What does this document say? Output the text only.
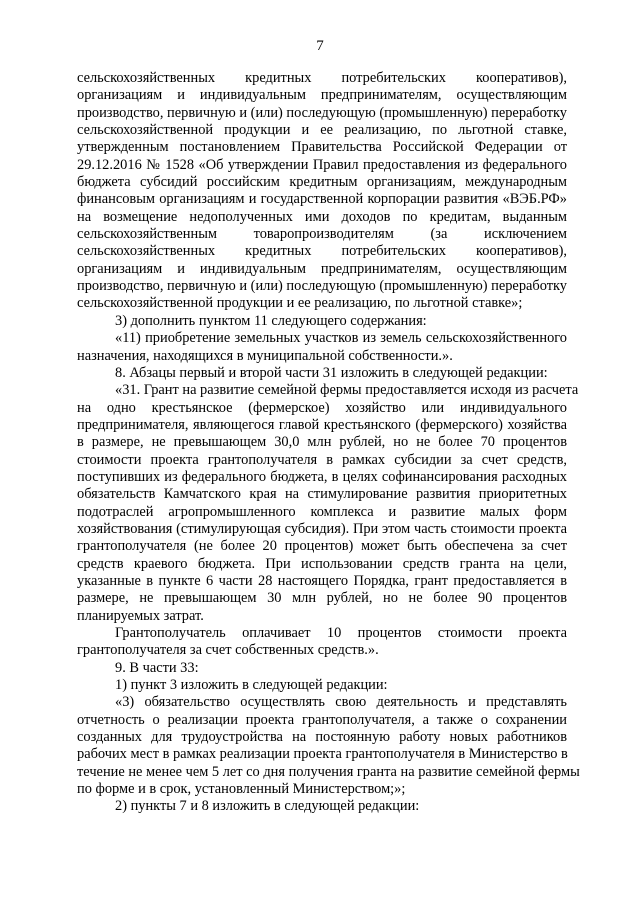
7
сельскохозяйственных кредитных потребительских кооперативов),
организациям и индивидуальным предпринимателям, осуществляющим
производство, первичную и (или) последующую (промышленную) переработку
сельскохозяйственной продукции и ее реализацию, по льготной ставке,
утвержденным постановлением Правительства Российской Федерации от
29.12.2016 № 1528 «Об утверждении Правил предоставления из федерального
бюджета субсидий российским кредитным организациям, международным
финансовым организациям и государственной корпорации развития «ВЭБ.РФ»
на возмещение недополученных ими доходов по кредитам, выданным
сельскохозяйственным товаропроизводителям (за исключением
сельскохозяйственных кредитных потребительских кооперативов),
организациям и индивидуальным предпринимателям, осуществляющим
производство, первичную и (или) последующую (промышленную) переработку
сельскохозяйственной продукции и ее реализацию, по льготной ставке»;
3) дополнить пунктом 11 следующего содержания:
«11) приобретение земельных участков из земель сельскохозяйственного
назначения, находящихся в муниципальной собственности.».
8. Абзацы первый и второй части 31 изложить в следующей редакции:
«31. Грант на развитие семейной фермы предоставляется исходя из расчета
на одно крестьянское (фермерское) хозяйство или индивидуального
предпринимателя, являющегося главой крестьянского (фермерского) хозяйства
в размере, не превышающем 30,0 млн рублей, но не более 70 процентов
стоимости проекта грантополучателя в рамках субсидии за счет средств,
поступивших из федерального бюджета, в целях софинансирования расходных
обязательств Камчатского края на стимулирование развития приоритетных
подотраслей агропромышленного комплекса и развитие малых форм
хозяйствования (стимулирующая субсидия). При этом часть стоимости проекта
грантополучателя (не более 20 процентов) может быть обеспечена за счет
средств краевого бюджета. При использовании средств гранта на цели,
указанные в пункте 6 части 28 настоящего Порядка, грант предоставляется в
размере, не превышающем 30 млн рублей, но не более 90 процентов
планируемых затрат.
Грантополучатель оплачивает 10 процентов стоимости проекта
грантополучателя за счет собственных средств.».
9. В части 33:
1) пункт 3 изложить в следующей редакции:
«3) обязательство осуществлять свою деятельность и представлять
отчетность о реализации проекта грантополучателя, а также о сохранении
созданных для трудоустройства на постоянную работу новых работников
рабочих мест в рамках реализации проекта грантополучателя в Министерство в
течение не менее чем 5 лет со дня получения гранта на развитие семейной фермы
по форме и в срок, установленный Министерством;»;
2) пункты 7 и 8 изложить в следующей редакции:
